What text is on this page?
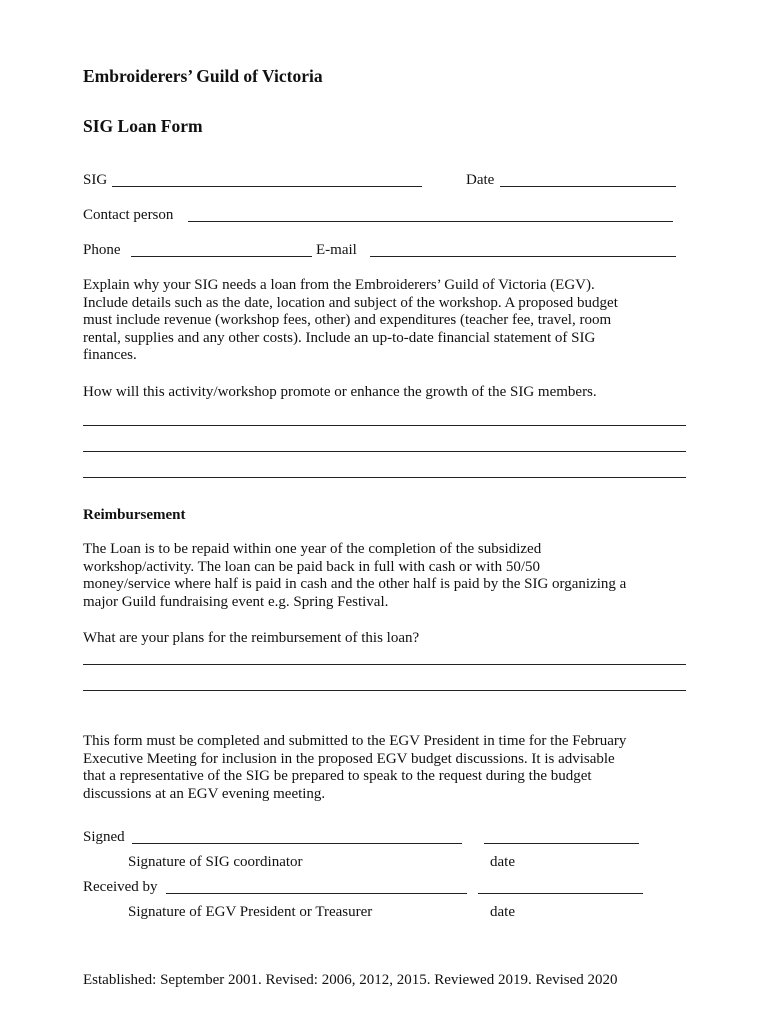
Embroiderers’ Guild of Victoria
SIG Loan Form
SIG	Date
Contact person
Phone	E-mail
Explain why your SIG needs a loan from the Embroiderers’ Guild of Victoria (EGV).
Include details such as the date, location and subject of the workshop. A proposed budget
must include revenue (workshop fees, other) and expenditures (teacher fee, travel, room
rental, supplies and any other costs). Include an up-to-date financial statement of SIG
finances.
How will this activity/workshop promote or enhance the growth of the SIG members.
Reimbursement
The Loan is to be repaid within one year of the completion of the subsidized
workshop/activity. The loan can be paid back in full with cash or with 50/50
money/service where half is paid in cash and the other half is paid by the SIG organizing a
major Guild fundraising event e.g. Spring Festival.
What are your plans for the reimbursement of this loan?
This form must be completed and submitted to the EGV President in time for the February
Executive Meeting for inclusion in the proposed EGV budget discussions. It is advisable
that a representative of the SIG be prepared to speak to the request during the budget
discussions at an EGV evening meeting.
Signed
Signature of SIG coordinator	date
Received by
Signature of EGV President or Treasurer	date
Established: September 2001. Revised: 2006, 2012, 2015. Reviewed 2019. Revised 2020
